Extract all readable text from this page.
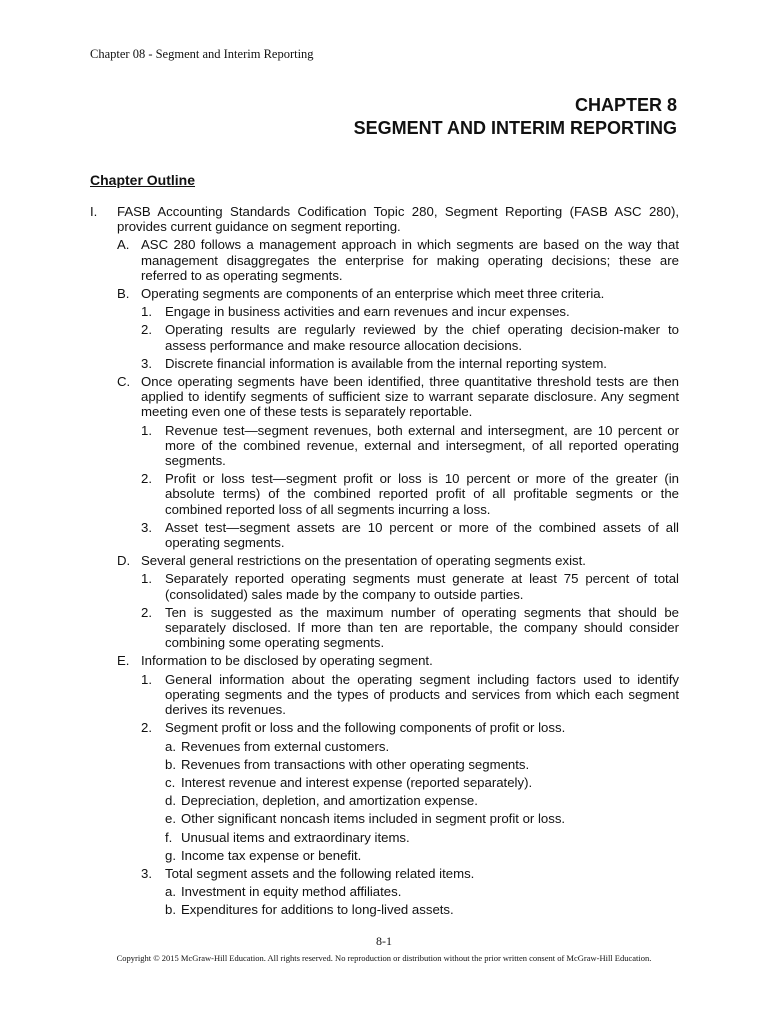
Chapter 08 - Segment and Interim Reporting
CHAPTER 8
SEGMENT AND INTERIM REPORTING
Chapter Outline
I.	FASB Accounting Standards Codification Topic 280, Segment Reporting (FASB ASC 280), provides current guidance on segment reporting.
A. ASC 280 follows a management approach in which segments are based on the way that management disaggregates the enterprise for making operating decisions; these are referred to as operating segments.
B. Operating segments are components of an enterprise which meet three criteria.
1. Engage in business activities and earn revenues and incur expenses.
2. Operating results are regularly reviewed by the chief operating decision-maker to assess performance and make resource allocation decisions.
3. Discrete financial information is available from the internal reporting system.
C. Once operating segments have been identified, three quantitative threshold tests are then applied to identify segments of sufficient size to warrant separate disclosure. Any segment meeting even one of these tests is separately reportable.
1. Revenue test—segment revenues, both external and intersegment, are 10 percent or more of the combined revenue, external and intersegment, of all reported operating segments.
2. Profit or loss test—segment profit or loss is 10 percent or more of the greater (in absolute terms) of the combined reported profit of all profitable segments or the combined reported loss of all segments incurring a loss.
3. Asset test—segment assets are 10 percent or more of the combined assets of all operating segments.
D. Several general restrictions on the presentation of operating segments exist.
1. Separately reported operating segments must generate at least 75 percent of total (consolidated) sales made by the company to outside parties.
2. Ten is suggested as the maximum number of operating segments that should be separately disclosed. If more than ten are reportable, the company should consider combining some operating segments.
E. Information to be disclosed by operating segment.
1. General information about the operating segment including factors used to identify operating segments and the types of products and services from which each segment derives its revenues.
2. Segment profit or loss and the following components of profit or loss.
a. Revenues from external customers.
b. Revenues from transactions with other operating segments.
c. Interest revenue and interest expense (reported separately).
d. Depreciation, depletion, and amortization expense.
e. Other significant noncash items included in segment profit or loss.
f. Unusual items and extraordinary items.
g. Income tax expense or benefit.
3. Total segment assets and the following related items.
a. Investment in equity method affiliates.
b. Expenditures for additions to long-lived assets.
8-1
Copyright © 2015 McGraw-Hill Education. All rights reserved. No reproduction or distribution without the prior written consent of McGraw-Hill Education.
